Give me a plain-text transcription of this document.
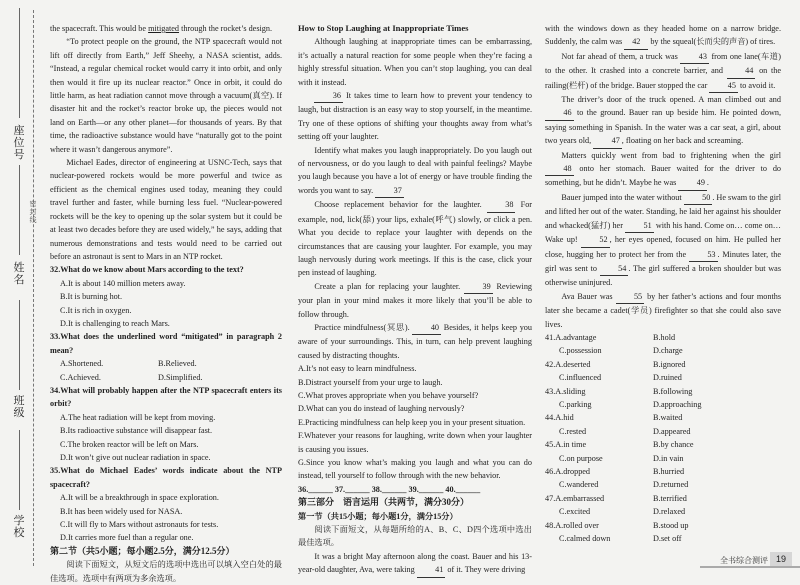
座位号
姓名
班级
学校
密封线

the spacecraft. This would be mitigated through the rocket’s design.

“To protect people on the ground, the NTP spacecraft would not lift off directly from Earth,” Jeff Sheehy, a NASA scientist, adds. “Instead, a regular chemical rocket would carry it into orbit, and only then would it fire up its nuclear reactor.” Once in orbit, it could do little harm, as heat radiation cannot move through a vacuum(真空). If disaster hit and the rocket’s reactor broke up, the pieces would not land on Earth—or any other planet—for thousands of years. By that time, the radioactive substance would have “naturally got to the point where it wasn’t dangerous anymore”.

Michael Eades, director of engineering at USNC-Tech, says that nuclear-powered rockets would be more powerful and twice as efficient as the chemical engines used today, meaning they could travel further and faster, while burning less fuel. “Nuclear-powered rockets will be the key to opening up the solar system but it could be at least two decades before they are used widely,” he says, adding that numerous demonstrations and tests would need to be carried out before an astronaut is sent to Mars in an NTP rocket.

32.What do we know about Mars according to the text?

A.It is about 140 million meters away.

B.It is burning hot.

C.It is rich in oxygen.

D.It is challenging to reach Mars.

33.What does the underlined word “mitigated” in paragraph 2 mean?

A.Shortened.	B.Relieved.
C.Achieved.	D.Simplified.

34.What will probably happen after the NTP spacecraft enters its orbit?

A.The heat radiation will be kept from moving.

B.Its radioactive substance will disappear fast.

C.The broken reactor will be left on Mars.

D.It won’t give out nuclear radiation in space.

35.What do Michael Eades’ words indicate about the NTP spacecraft?

A.It will be a breakthrough in space exploration.

B.It has been widely used for NASA.

C.It will fly to Mars without astronauts for tests.

D.It carries more fuel than a regular one.

第二节（共5小题；每小题2.5分，满分12.5分）

阅读下面短文，从短文后的选项中选出可以填入空白处的最佳选项。选项中有两项为多余选项。

How to Stop Laughing at Inappropriate Times

Although laughing at inappropriate times can be embarrassing, it’s actually a natural reaction for some people when they’re facing a highly stressful situation. When you can’t stop laughing, you can deal with it instead.

36 It takes time to learn how to prevent your tendency to laugh, but distraction is an easy way to stop yourself, in the meantime. Try one of these options of shifting your thoughts away from what’s setting off your laughter.

Identify what makes you laugh inappropriately. Do you laugh out of nervousness, or do you laugh to deal with painful feelings? Maybe you laugh because you have a lot of energy or have trouble finding the words you want to say. 37

Choose replacement behavior for the laughter.	38 For example, nod, lick(舔) your lips, exhale(呼气) slowly, or click a pen. What you decide to replace your laughter with depends on the circumstances that are causing your laughter. For example, you may laugh nervously during work meetings. If this is the case, click your pen instead of laughing.

Create a plan for replacing your laughter.	39 Reviewing your plan in your mind makes it more likely that you’ll be able to follow through.

Practice mindfulness(冥思).	40 Besides, it helps keep you aware of your surroundings. This, in turn, can help prevent laughing caused by distracting thoughts.

A.It’s not easy to learn mindfulness.

B.Distract yourself from your urge to laugh.

C.What proves appropriate when you behave yourself?

D.What can you do instead of laughing nervously?

E.Practicing mindfulness can help keep you in your present situation.

F.Whatever your reasons for laughing, write down when your laughter is causing you issues.

G.Since you know what’s making you laugh and what you can do instead, tell yourself to follow through with the new behavior.

36.______ 37.______ 38.______ 39.______ 40.______

第三部分　语言运用（共两节，满分30分）

第一节（共15小题；每小题1分，满分15分）

阅读下面短文，从每题所给的A、B、C、D四个选项中选出最佳选项。

It was a bright May afternoon along the coast. Bauer and his 13-year-old daughter, Ava, were taking 41 of it. They were driving

with the windows down as they headed home on a narrow bridge. Suddenly, the calm was 42 by the squeal(长而尖的声音) of tires.

Not far ahead of them, a truck was	43 from one lane(车道) to the other. It crashed into a concrete barrier, and	44 on the railing(栏杆) of the bridge. Bauer stopped the car 45 to avoid it.

The driver’s door of the truck opened. A man climbed out and 46 to the ground. Bauer ran up beside him. He pointed down, saying something in Spanish. In the water was a car seat, a girl, about two years old, 47 , floating on her back and screaming.

Matters quickly went from bad to frightening when the girl 48 onto her stomach. Bauer waited for the driver to do something, but he didn’t. Maybe he was 49 .

Bauer jumped into the water without 50 . He swam to the girl and lifted her out of the water. Standing, he laid her against his shoulder and whacked(猛打) her	51 with his hand. Come on… come on… Wake up!	52 , her eyes opened, focused on him. He pulled her close, hugging her to protect her from the	53 . Minutes later, the girl was sent to	54 . The girl suffered a broken shoulder but was otherwise uninjured.

Ava Bauer was	55 by her father’s actions and four months later she became a cadet(学员) firefighter so that she could also save lives.

41.A.advantage	B.hold
C.possession	D.charge
42.A.deserted	B.ignored
C.influenced	D.ruined
43.A.sliding	B.following
C.parking	D.approaching
44.A.hid	B.waited
C.rested	D.appeared
45.A.in time	B.by chance
C.on purpose	D.in vain
46.A.dropped	B.hurried
C.wandered	D.returned
47.A.embarrassed	B.terrified
C.excited	D.relaxed
48.A.rolled over	B.stood up
C.calmed down	D.set off
全书综合测评 19
